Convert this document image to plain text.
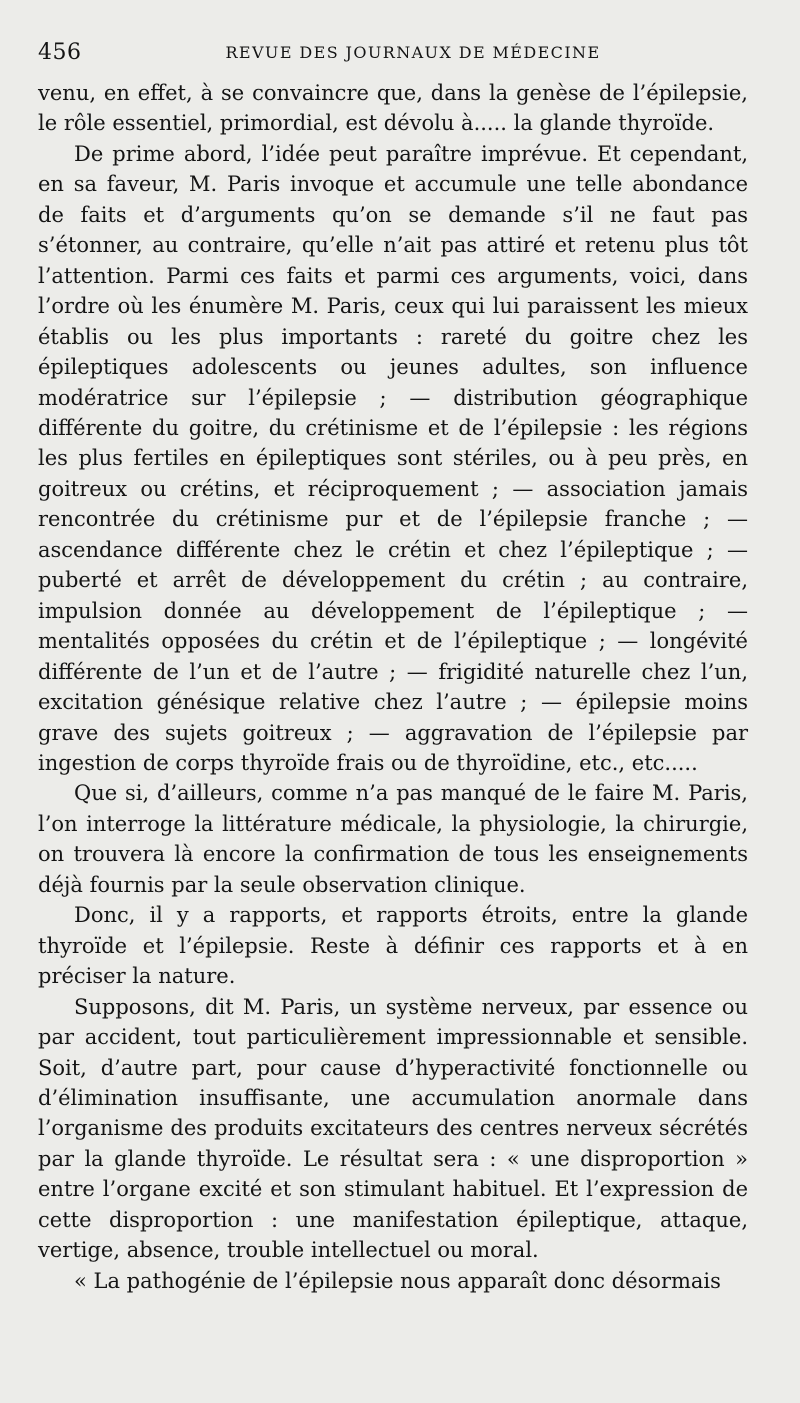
456	REVUE DES JOURNAUX DE MÉDECINE

venu, en effet, à se convaincre que, dans la genèse de l’épilepsie, le rôle essentiel, primordial, est dévolu à..... la glande thyroïde.

De prime abord, l’idée peut paraître imprévue. Et cependant, en sa faveur, M. Paris invoque et accumule une telle abondance de faits et d’arguments qu’on se demande s’il ne faut pas s’étonner, au contraire, qu’elle n’ait pas attiré et retenu plus tôt l’attention. Parmi ces faits et parmi ces arguments, voici, dans l’ordre où les énumère M. Paris, ceux qui lui paraissent les mieux établis ou les plus importants : rareté du goitre chez les épileptiques adolescents ou jeunes adultes, son influence modératrice sur l’épilepsie ; — distribution géographique différente du goitre, du crétinisme et de l’épilepsie : les régions les plus fertiles en épileptiques sont stériles, ou à peu près, en goitreux ou crétins, et réciproquement ; — association jamais rencontrée du crétinisme pur et de l’épilepsie franche ; — ascendance différente chez le crétin et chez l’épileptique ; — puberté et arrêt de développement du crétin ; au contraire, impulsion donnée au développement de l’épileptique ; — mentalités opposées du crétin et de l’épileptique ; — longévité différente de l’un et de l’autre ; — frigidité naturelle chez l’un, excitation génésique relative chez l’autre ; — épilepsie moins grave des sujets goitreux ; — aggravation de l’épilepsie par ingestion de corps thyroïde frais ou de thyroïdine, etc., etc.....

Que si, d’ailleurs, comme n’a pas manqué de le faire M. Paris, l’on interroge la littérature médicale, la physiologie, la chirurgie, on trouvera là encore la confirmation de tous les enseignements déjà fournis par la seule observation clinique.

Donc, il y a rapports, et rapports étroits, entre la glande thyroïde et l’épilepsie. Reste à définir ces rapports et à en préciser la nature.

Supposons, dit M. Paris, un système nerveux, par essence ou par accident, tout particulièrement impressionnable et sensible. Soit, d’autre part, pour cause d’hyperactivité fonctionnelle ou d’élimination insuffisante, une accumulation anormale dans l’organisme des produits excitateurs des centres nerveux sécrétés par la glande thyroïde. Le résultat sera : « une disproportion » entre l’organe excité et son stimulant habituel. Et l’expression de cette disproportion : une manifestation épileptique, attaque, vertige, absence, trouble intellectuel ou moral.

« La pathogénie de l’épilepsie nous apparaît donc désormais
